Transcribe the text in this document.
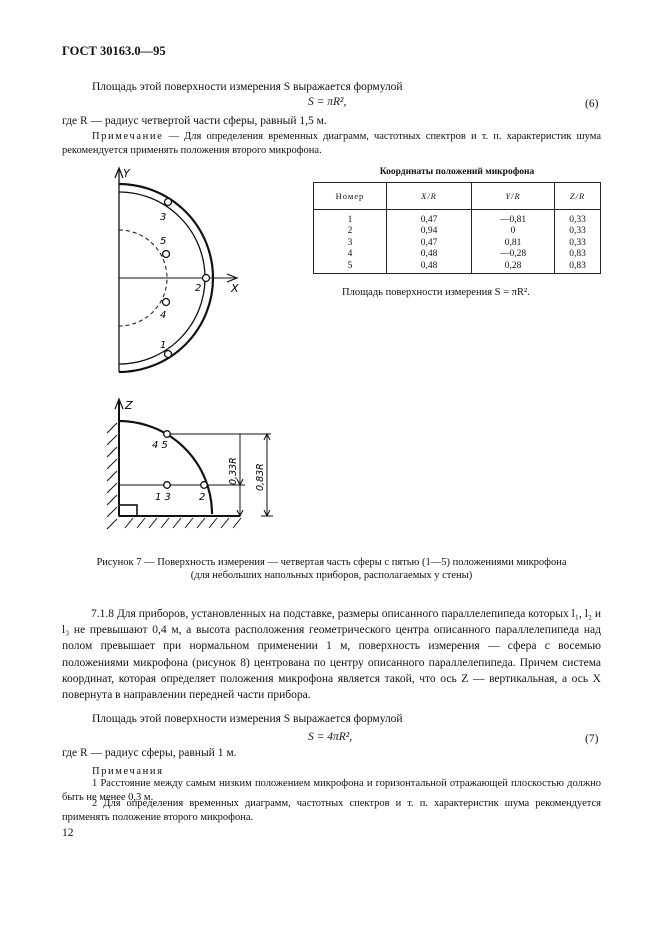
ГОСТ 30163.0—95
Площадь этой поверхности измерения S выражается формулой
S = πR²,	(6)
где R — радиус четвертой части сферы, равный 1,5 м.
Примечание — Для определения временных диаграмм, частотных спектров и т. п. характеристик шума рекомендуется применять положения второго микрофона.
Y
X
3
5
2
4
1
Координаты положений микрофона
Номер	X/R	Y/R	Z/R
1	0,47	—0,81	0,33
2	0,94	0	0,33
3	0,47	0,81	0,33
4	0,48	—0,28	0,83
5	0,48	0,28	0,83
Площадь поверхности измерения S = πR².
Z
4 5
1 3	2
0,33R 0,83R
Рисунок 7 — Поверхность измерения — четвертая часть сферы с пятью (1—5) положениями микрофона
(для небольших напольных приборов, располагаемых у стены)
7.1.8 Для приборов, установленных на подставке, размеры описанного параллелепипеда которых l₁, l₂ и l₃ не превышают 0,4 м, а высота расположения геометрического центра описанного параллелепипеда над полом превышает при нормальном применении 1 м, поверхность измерения — сфера с восемью положениями микрофона (рисунок 8) центрована по центру описанного параллелепипеда. Причем система координат, которая определяет положения микрофона является такой, что ось Z — вертикальная, а ось X повернута в направлении передней части прибора.
Площадь этой поверхности измерения S выражается формулой
S = 4πR²,	(7)
где R — радиус сферы, равный 1 м.
Примечания
1 Расстояние между самым низким положением микрофона и горизонтальной отражающей плоскостью должно быть не менее 0,3 м.
2 Для определения временных диаграмм, частотных спектров и т. п. характеристик шума рекомендуется применять положение второго микрофона.
12
